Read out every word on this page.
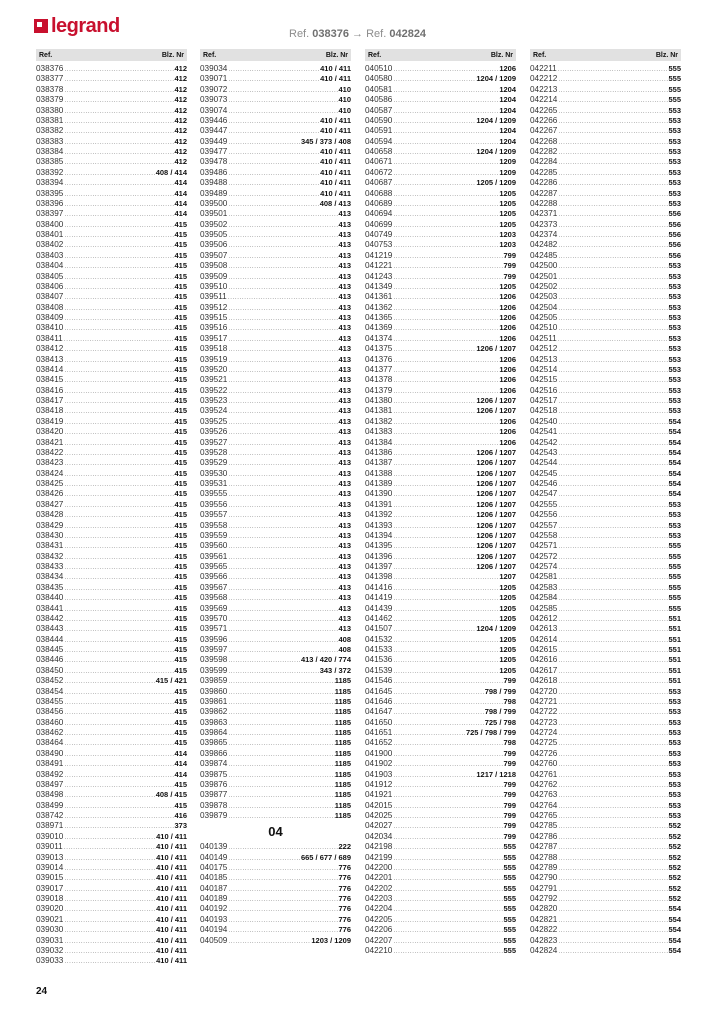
legrand	Ref. 038376 → Ref. 042824
Ref.	Blz. Nr
038376 .....	412
038377 .....	412
038378 .....	412
038379 .....	412
038380 .....	412
038381 .....	412
038382 .....	412
038383 .....	412
038384 .....	412
038385 .....	412
038392 .....	408 / 414
038394 .....	414
038395 .....	414
038396 .....	414
038397 .....	414
038400 .....	415
038401 .....	415
038402 .....	415
038403 .....	415
038404 .....	415
038405 .....	415
038406 .....	415
038407 .....	415
038408 .....	415
038409 .....	415
038410 .....	415
038411 .....	415
038412 .....	415
038413 .....	415
038414 .....	415
038415 .....	415
038416 .....	415
038417 .....	415
038418 .....	415
038419 .....	415
038420 .....	415
038421 .....	415
038422 .....	415
038423 .....	415
038424 .....	415
038425 .....	415
038426 .....	415
038427 .....	415
038428 .....	415
038429 .....	415
038430 .....	415
038431 .....	415
038432 .....	415
038433 .....	415
038434 .....	415
038435 .....	415
038440 .....	415
038441 .....	415
038442 .....	415
038443 .....	415
038444 .....	415
038445 .....	415
038446 .....	415
038450 .....	415
038452 .....	415 / 421
038454 .....	415
038455 .....	415
038456 .....	415
038460 .....	415
038462 .....	415
038464 .....	415
038490 .....	414
038491 .....	414
038492 .....	414
038497 .....	415
038498 .....	408 / 415
038499 .....	415
038742 .....	416
038971 .....	373
039010 .....	410 / 411
039011 .....	410 / 411
039013 .....	410 / 411
039014 .....	410 / 411
039015 .....	410 / 411
039017 .....	410 / 411
039018 .....	410 / 411
039020 .....	410 / 411
039021 .....	410 / 411
039030 .....	410 / 411
039031 .....	410 / 411
039032 .....	410 / 411
039033 .....	410 / 411
Ref.	Blz. Nr
039034 .....	410 / 411
039071 .....	410 / 411
039072 .....	410
039073 .....	410
039074 .....	410
039446 .....	410 / 411
039447 .....	410 / 411
039449 .....	345 / 373 / 408
039477 .....	410 / 411
039478 .....	410 / 411
039486 .....	410 / 411
039488 .....	410 / 411
039489 .....	410 / 411
039500 .....	408 / 413
039501 .....	413
039502 .....	413
039505 .....	413
039506 .....	413
039507 .....	413
039508 .....	413
039509 .....	413
039510 .....	413
039511 .....	413
039512 .....	413
039515 .....	413
039516 .....	413
039517 .....	413
039518 .....	413
039519 .....	413
039520 .....	413
039521 .....	413
039522 .....	413
039523 .....	413
039524 .....	413
039525 .....	413
039526 .....	413
039527 .....	413
039528 .....	413
039529 .....	413
039530 .....	413
039531 .....	413
039555 .....	413
039556 .....	413
039557 .....	413
039558 .....	413
039559 .....	413
039560 .....	413
039561 .....	413
039565 .....	413
039566 .....	413
039567 .....	413
039568 .....	413
039569 .....	413
039570 .....	413
039571 .....	413
039596 .....	408
039597 .....	408
039598 .....	413 / 420 / 774
039599 .....	343 / 372
039859 .....	1185
039860 .....	1185
039861 .....	1185
039862 .....	1185
039863 .....	1185
039864 .....	1185
039865 .....	1185
039866 .....	1185
039874 .....	1185
039875 .....	1185
039876 .....	1185
039877 .....	1185
039878 .....	1185
039879 .....	1185
04
040139 .....	222
040149 .....	665 / 677 / 689
040175 .....	776
040185 .....	776
040187 .....	776
040189 .....	776
040192 .....	776
040193 .....	776
040194 .....	776
040509 .....	1203 / 1209
Ref.	Blz. Nr
040510 .....	1206
040580 .....	1204 / 1209
040581 .....	1204
040586 .....	1204
040587 .....	1204
040590 .....	1204 / 1209
040591 .....	1204
040594 .....	1204
040658 .....	1204 / 1209
040671 .....	1209
040672 .....	1209
040687 .....	1205 / 1209
040688 .....	1205
040689 .....	1205
040694 .....	1205
040699 .....	1205
040749 .....	1203
040753 .....	1203
041219 .....	799
041221 .....	799
041243 .....	799
041349 .....	1205
041361 .....	1206
041362 .....	1206
041365 .....	1206
041369 .....	1206
041374 .....	1206
041375 .....	1206 / 1207
041376 .....	1206
041377 .....	1206
041378 .....	1206
041379 .....	1206
041380 .....	1206 / 1207
041381 .....	1206 / 1207
041382 .....	1206
041383 .....	1206
041384 .....	1206
041386 .....	1206 / 1207
041387 .....	1206 / 1207
041388 .....	1206 / 1207
041389 .....	1206 / 1207
041390 .....	1206 / 1207
041391 .....	1206 / 1207
041392 .....	1206 / 1207
041393 .....	1206 / 1207
041394 .....	1206 / 1207
041395 .....	1206 / 1207
041396 .....	1206 / 1207
041397 .....	1206 / 1207
041398 .....	1207
041416 .....	1205
041419 .....	1205
041439 .....	1205
041462 .....	1205
041507 .....	1204 / 1209
041532 .....	1205
041533 .....	1205
041536 .....	1205
041539 .....	1205
041546 .....	799
041645 .....	798 / 799
041646 .....	798
041647 .....	798 / 799
041650 .....	725 / 798
041651 .....	725 / 798 / 799
041652 .....	798
041900 .....	799
041902 .....	799
041903 .....	1217 / 1218
041912 .....	799
041921 .....	799
042015 .....	799
042025 .....	799
042027 .....	799
042034 .....	799
042198 .....	555
042199 .....	555
042200 .....	555
042201 .....	555
042202 .....	555
042203 .....	555
042204 .....	555
042205 .....	555
042206 .....	555
042207 .....	555
042210 .....	555
Ref.	Blz. Nr
042211 .....	555
042212 .....	555
042213 .....	555
042214 .....	555
042265 .....	553
042266 .....	553
042267 .....	553
042268 .....	553
042282 .....	553
042284 .....	553
042285 .....	553
042286 .....	553
042287 .....	553
042288 .....	553
042371 .....	556
042373 .....	556
042374 .....	556
042482 .....	556
042485 .....	556
042500 .....	553
042501 .....	553
042502 .....	553
042503 .....	553
042504 .....	553
042505 .....	553
042510 .....	553
042511 .....	553
042512 .....	553
042513 .....	553
042514 .....	553
042515 .....	553
042516 .....	553
042517 .....	553
042518 .....	553
042540 .....	554
042541 .....	554
042542 .....	554
042543 .....	554
042544 .....	554
042545 .....	554
042546 .....	554
042547 .....	554
042555 .....	553
042556 .....	553
042557 .....	553
042558 .....	553
042571 .....	555
042572 .....	555
042574 .....	555
042581 .....	555
042583 .....	555
042584 .....	555
042585 .....	555
042612 .....	551
042613 .....	551
042614 .....	551
042615 .....	551
042616 .....	551
042617 .....	551
042618 .....	551
042720 .....	553
042721 .....	553
042722 .....	553
042723 .....	553
042724 .....	553
042725 .....	553
042726 .....	553
042760 .....	553
042761 .....	553
042762 .....	553
042763 .....	553
042764 .....	553
042765 .....	553
042785 .....	552
042786 .....	552
042787 .....	552
042788 .....	552
042789 .....	552
042790 .....	552
042791 .....	552
042792 .....	552
042820 .....	554
042821 .....	554
042822 .....	554
042823 .....	554
042824 .....	554
24
